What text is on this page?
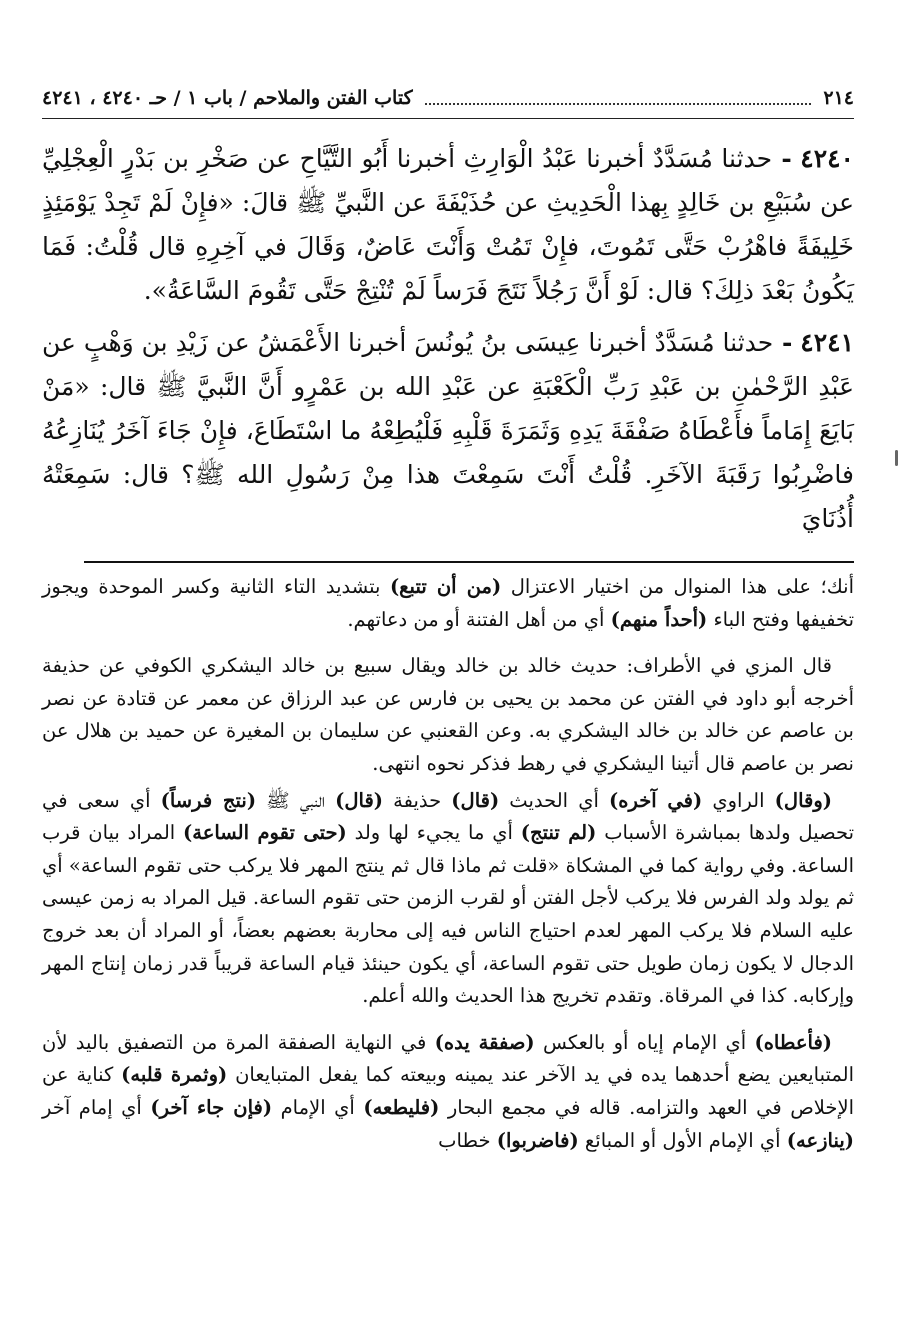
٢١٤
كتاب الفتن والملاحم / باب ١ / حـ ٤٢٤٠ ، ٤٢٤١

٤٢٤٠ - حدثنا مُسَدَّدٌ أخبرنا عَبْدُ الْوَارِثِ أخبرنا أَبُو التَّيَّاحِ عن صَخْرِ بن بَدْرٍ الْعِجْلِيِّ عن سُبَيْعِ بن خَالِدٍ بِهذا الْحَدِيثِ عن حُذَيْفَةَ عن النَّبيِّ ﷺ قالَ: «فإِنْ لَمْ تَجِدْ يَوْمَئِذٍ خَلِيفَةً فاهْرُبْ حَتَّى تَمُوتَ، فإِنْ تَمُتْ وَأَنْتَ عَاضٌ، وَقَالَ في آخِرِهِ قال قُلْتُ: فَمَا يَكُونُ بَعْدَ ذلِكَ؟ قال: لَوْ أَنَّ رَجُلاً نَتَجَ فَرَساً لَمْ تُنْتِجْ حَتَّى تَقُومَ السَّاعَةُ».

٤٢٤١ - حدثنا مُسَدَّدٌ أخبرنا عِيسَى بنُ يُونُسَ أخبرنا الأَعْمَشُ عن زَيْدِ بن وَهْبٍ عن عَبْدِ الرَّحْمٰنِ بن عَبْدِ رَبِّ الْكَعْبَةِ عن عَبْدِ الله بن عَمْرٍو أَنَّ النَّبيَّ ﷺ قال: «مَنْ بَايَعَ إِمَاماً فأَعْطَاهُ صَفْقَةَ يَدِهِ وَثَمَرَةَ قَلْبِهِ فَلْيُطِعْهُ ما اسْتَطَاعَ، فإِنْ جَاءَ آخَرُ يُنَازِعُهُ فاضْرِبُوا رَقَبَةَ الآخَرِ. قُلْتُ أَنْتَ سَمِعْتَ هذا مِنْ رَسُولِ الله ﷺ؟ قال: سَمِعَتْهُ أُذُنَايَ

أنك؛ على هذا المنوال من اختيار الاعتزال (من أن تتبع) بتشديد التاء الثانية وكسر الموحدة ويجوز تخفيفها وفتح الباء (أحداً منهم) أي من أهل الفتنة أو من دعاتهم.

قال المزي في الأطراف: حديث خالد بن خالد ويقال سبيع بن خالد اليشكري الكوفي عن حذيفة أخرجه أبو داود في الفتن عن محمد بن يحيى بن فارس عن عبد الرزاق عن معمر عن قتادة عن نصر بن عاصم عن خالد بن خالد اليشكري به. وعن القعنبي عن سليمان بن المغيرة عن حميد بن هلال عن نصر بن عاصم قال أتينا اليشكري في رهط فذكر نحوه انتهى.

(وقال) الراوي (في آخره) أي الحديث (قال) حذيفة (قال) النبي ﷺ (نتج فرساً) أي سعى في تحصيل ولدها بمباشرة الأسباب (لم تنتج) أي ما يجيء لها ولد (حتى تقوم الساعة) المراد بيان قرب الساعة. وفي رواية كما في المشكاة «قلت ثم ماذا قال ثم ينتج المهر فلا يركب حتى تقوم الساعة» أي ثم يولد ولد الفرس فلا يركب لأجل الفتن أو لقرب الزمن حتى تقوم الساعة. قيل المراد به زمن عيسى عليه السلام فلا يركب المهر لعدم احتياج الناس فيه إلى محاربة بعضهم بعضاً، أو المراد أن بعد خروج الدجال لا يكون زمان طويل حتى تقوم الساعة، أي يكون حينئذ قيام الساعة قريباً قدر زمان إنتاج المهر وإركابه. كذا في المرقاة. وتقدم تخريج هذا الحديث والله أعلم.

(فأعطاه) أي الإمام إياه أو بالعكس (صفقة يده) في النهاية الصفقة المرة من التصفيق باليد لأن المتبايعين يضع أحدهما يده في يد الآخر عند يمينه وبيعته كما يفعل المتبايعان (وثمرة قلبه) كناية عن الإخلاص في العهد والتزامه. قاله في مجمع البحار (فليطعه) أي الإمام (فإن جاء آخر) أي إمام آخر (ينازعه) أي الإمام الأول أو المبائع (فاضربوا) خطاب
